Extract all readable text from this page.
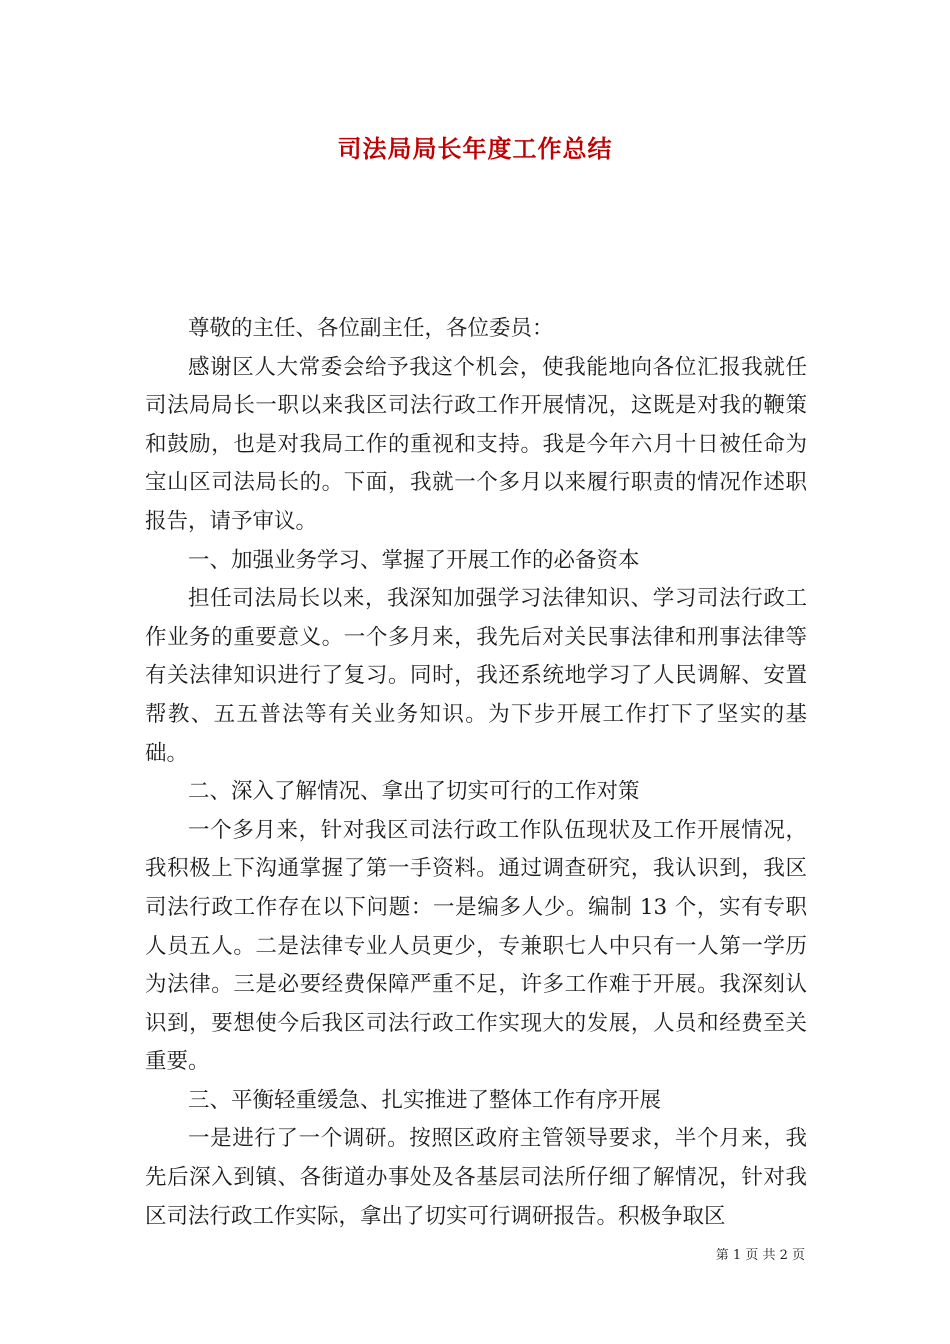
司法局局长年度工作总结

尊敬的主任、各位副主任，各位委员：

感谢区人大常委会给予我这个机会，使我能地向各位汇报我就任司法局局长一职以来我区司法行政工作开展情况，这既是对我的鞭策和鼓励，也是对我局工作的重视和支持。我是今年六月十日被任命为宝山区司法局长的。下面，我就一个多月以来履行职责的情况作述职报告，请予审议。

一、加强业务学习、掌握了开展工作的必备资本

担任司法局长以来，我深知加强学习法律知识、学习司法行政工作业务的重要意义。一个多月来，我先后对关民事法律和刑事法律等有关法律知识进行了复习。同时，我还系统地学习了人民调解、安置帮教、五五普法等有关业务知识。为下步开展工作打下了坚实的基础。

二、深入了解情况、拿出了切实可行的工作对策

一个多月来，针对我区司法行政工作队伍现状及工作开展情况，我积极上下沟通掌握了第一手资料。通过调查研究，我认识到，我区司法行政工作存在以下问题：一是编多人少。编制 13 个，实有专职人员五人。二是法律专业人员更少，专兼职七人中只有一人第一学历为法律。三是必要经费保障严重不足，许多工作难于开展。我深刻认识到，要想使今后我区司法行政工作实现大的发展，人员和经费至关重要。

三、平衡轻重缓急、扎实推进了整体工作有序开展

一是进行了一个调研。按照区政府主管领导要求，半个月来，我先后深入到镇、各街道办事处及各基层司法所仔细了解情况，针对我区司法行政工作实际，拿出了切实可行调研报告。积极争取区

第 1 页 共 2 页
